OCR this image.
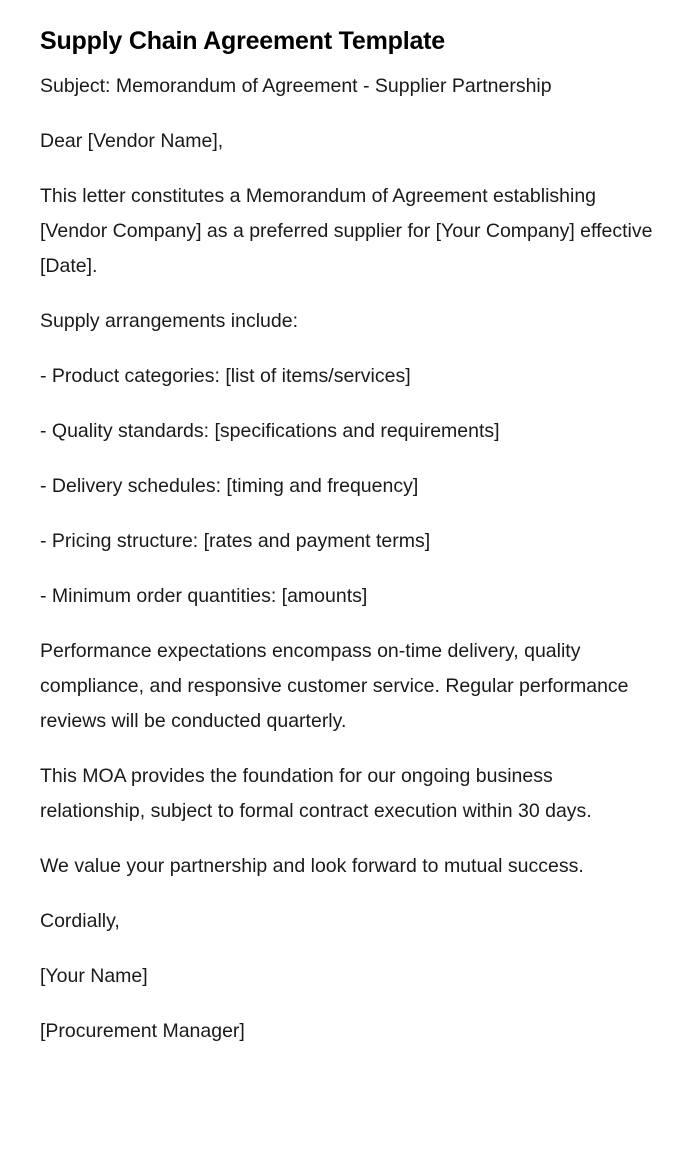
Supply Chain Agreement Template

Subject: Memorandum of Agreement - Supplier Partnership

Dear [Vendor Name],

This letter constitutes a Memorandum of Agreement establishing [Vendor Company] as a preferred supplier for [Your Company] effective [Date].

Supply arrangements include:

- Product categories: [list of items/services]

- Quality standards: [specifications and requirements]

- Delivery schedules: [timing and frequency]

- Pricing structure: [rates and payment terms]

- Minimum order quantities: [amounts]

Performance expectations encompass on-time delivery, quality compliance, and responsive customer service. Regular performance reviews will be conducted quarterly.

This MOA provides the foundation for our ongoing business relationship, subject to formal contract execution within 30 days.

We value your partnership and look forward to mutual success.

Cordially,

[Your Name]

[Procurement Manager]
